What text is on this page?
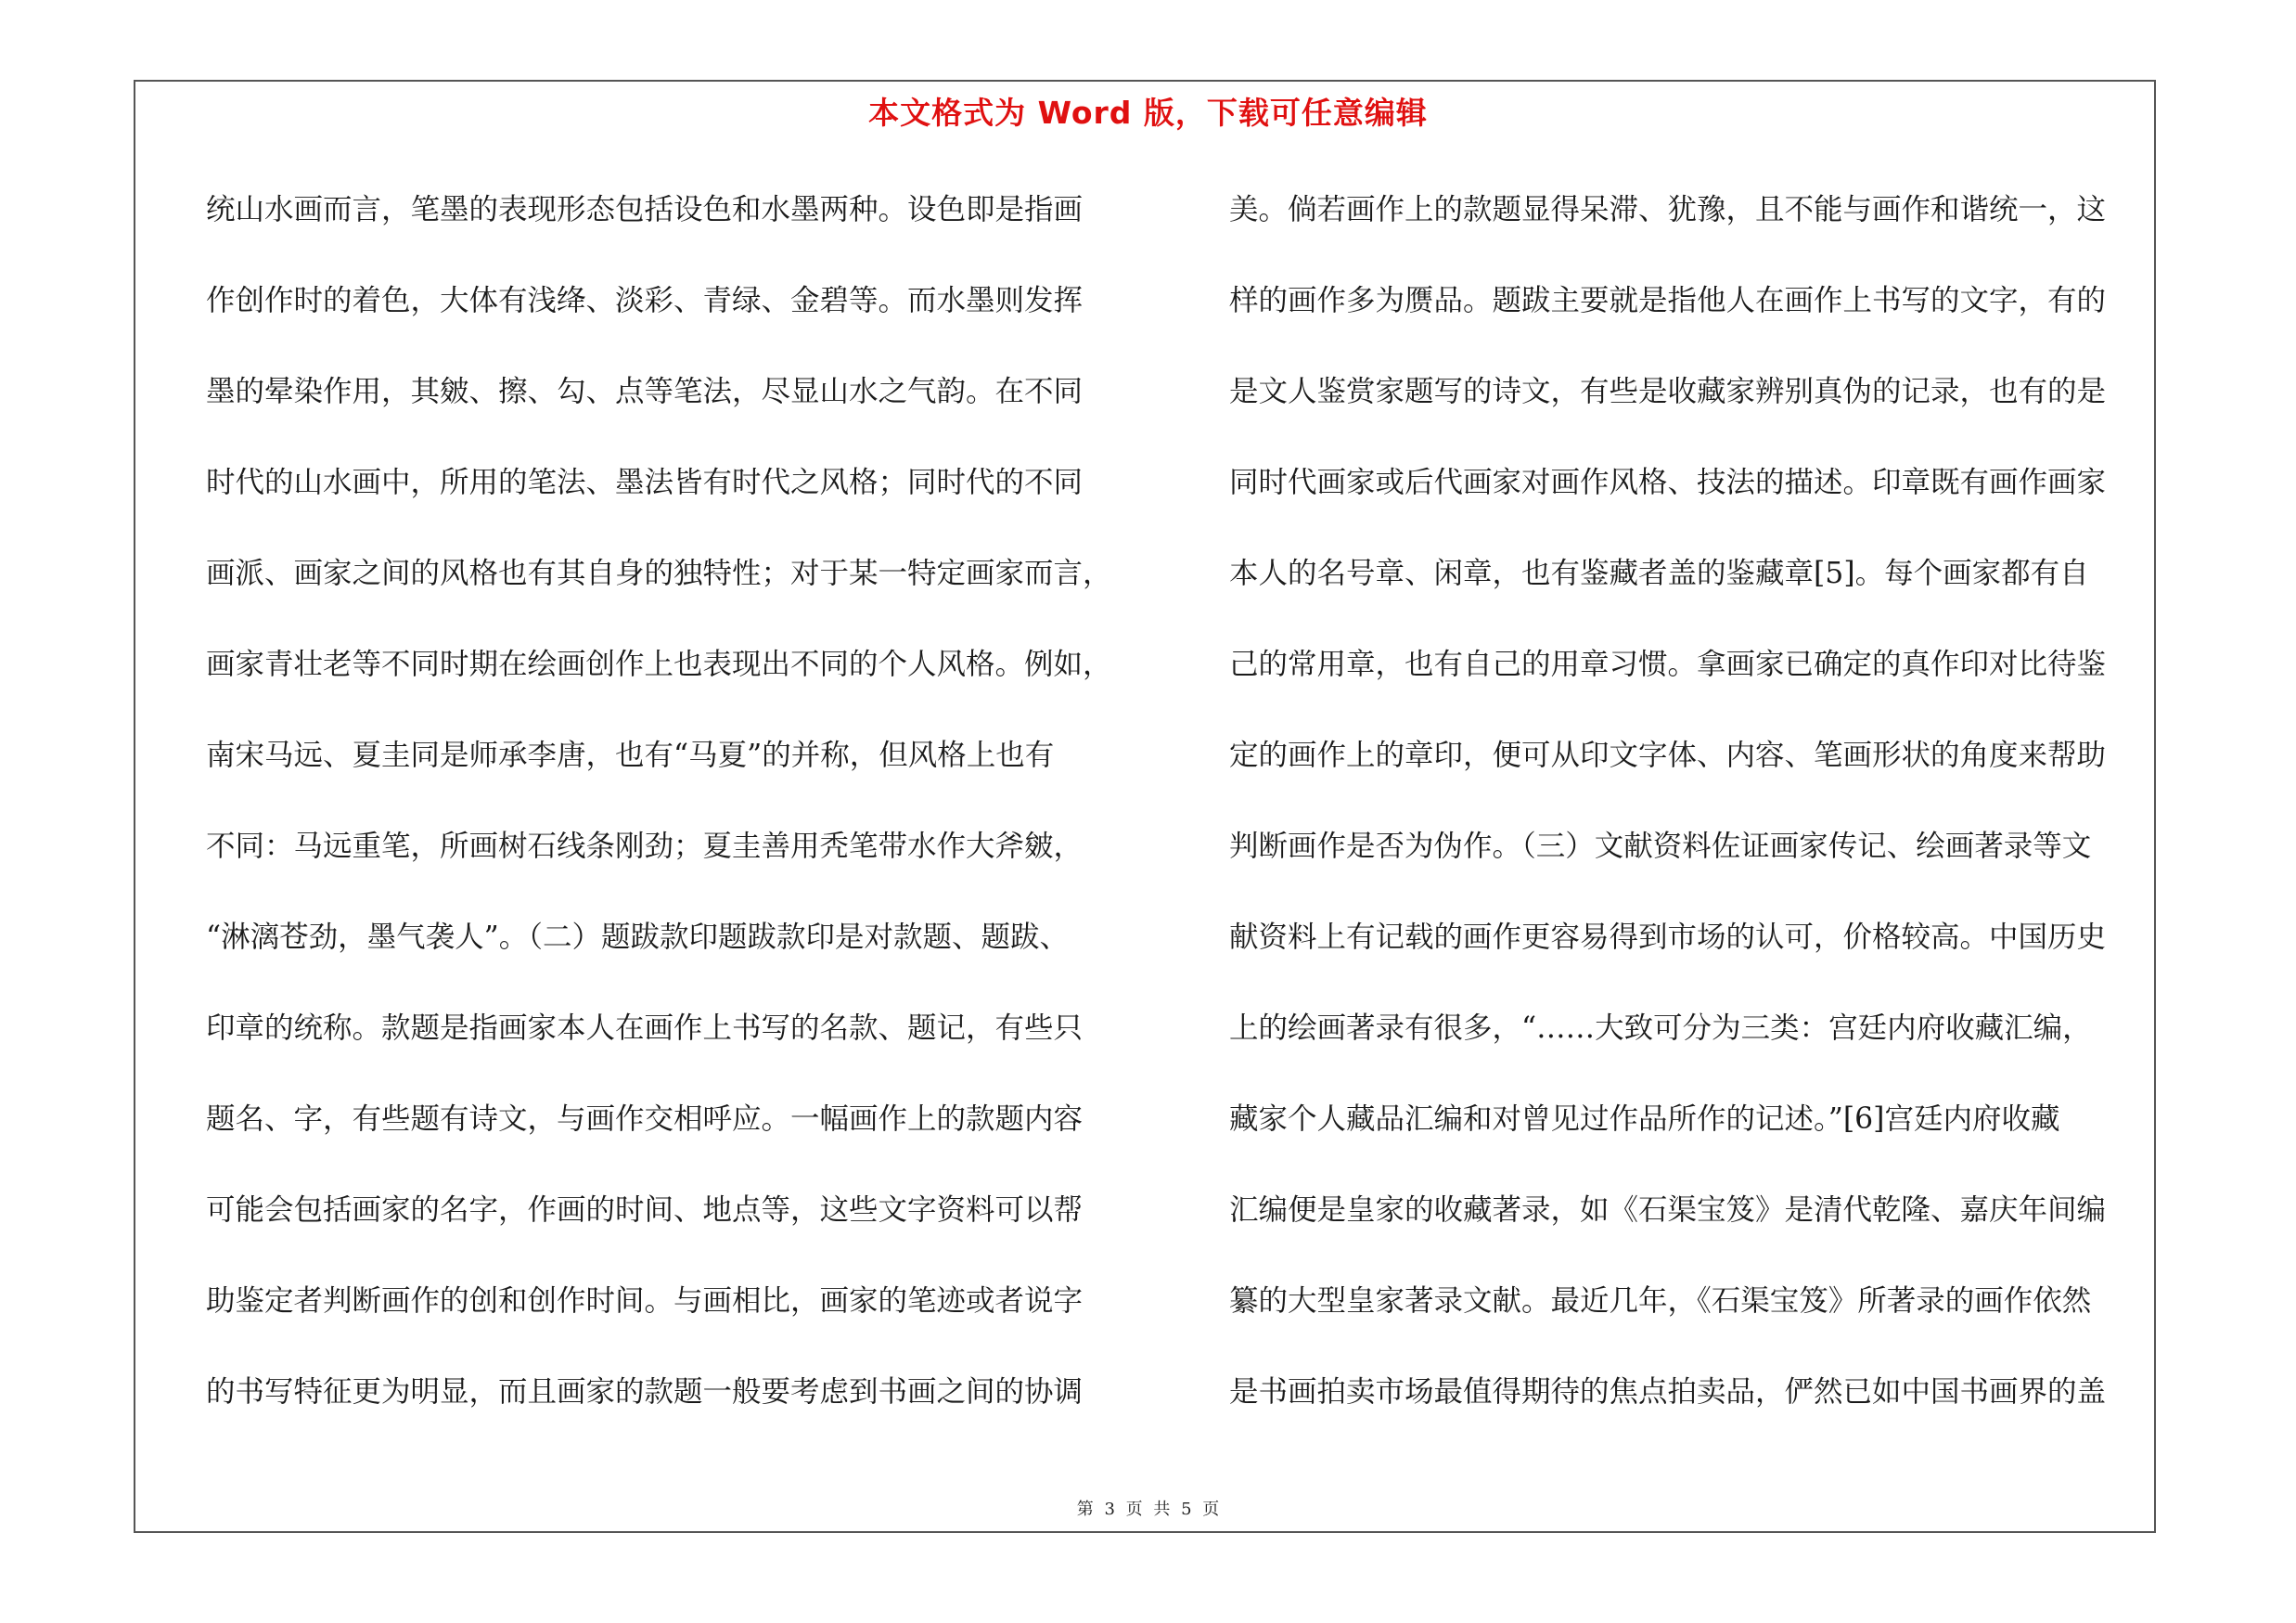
本文格式为 Word 版，下载可任意编辑
统山水画而言，笔墨的表现形态包括设色和水墨两种。设色即是指画
作创作时的着色，大体有浅绛、淡彩、青绿、金碧等。而水墨则发挥
墨的晕染作用，其皴、擦、勾、点等笔法，尽显山水之气韵。在不同
时代的山水画中，所用的笔法、墨法皆有时代之风格；同时代的不同
画派、画家之间的风格也有其自身的独特性；对于某一特定画家而言，
画家青壮老等不同时期在绘画创作上也表现出不同的个人风格。例如，
南宋马远、夏圭同是师承李唐，也有“马夏”的并称，但风格上也有
不同：马远重笔，所画树石线条刚劲；夏圭善用秃笔带水作大斧皴，
“淋漓苍劲，墨气袭人”。（二）题跋款印题跋款印是对款题、题跋、
印章的统称。款题是指画家本人在画作上书写的名款、题记，有些只
题名、字，有些题有诗文，与画作交相呼应。一幅画作上的款题内容
可能会包括画家的名字，作画的时间、地点等，这些文字资料可以帮
助鉴定者判断画作的创和创作时间。与画相比，画家的笔迹或者说字
的书写特征更为明显，而且画家的款题一般要考虑到书画之间的协调
美。倘若画作上的款题显得呆滞、犹豫，且不能与画作和谐统一，这
样的画作多为赝品。题跋主要就是指他人在画作上书写的文字，有的
是文人鉴赏家题写的诗文，有些是收藏家辨别真伪的记录，也有的是
同时代画家或后代画家对画作风格、技法的描述。印章既有画作画家
本人的名号章、闲章，也有鉴藏者盖的鉴藏章[5]。每个画家都有自
己的常用章，也有自己的用章习惯。拿画家已确定的真作印对比待鉴
定的画作上的章印，便可从印文字体、内容、笔画形状的角度来帮助
判断画作是否为伪作。（三）文献资料佐证画家传记、绘画著录等文
献资料上有记载的画作更容易得到市场的认可，价格较高。中国历史
上的绘画著录有很多，“……大致可分为三类：宫廷内府收藏汇编，
藏家个人藏品汇编和对曾见过作品所作的记述。”[6]宫廷内府收藏
汇编便是皇家的收藏著录，如《石渠宝笈》是清代乾隆、嘉庆年间编
纂的大型皇家著录文献。最近几年，《石渠宝笈》所著录的画作依然
是书画拍卖市场最值得期待的焦点拍卖品，俨然已如中国书画界的盖
第 3 页 共 5 页
